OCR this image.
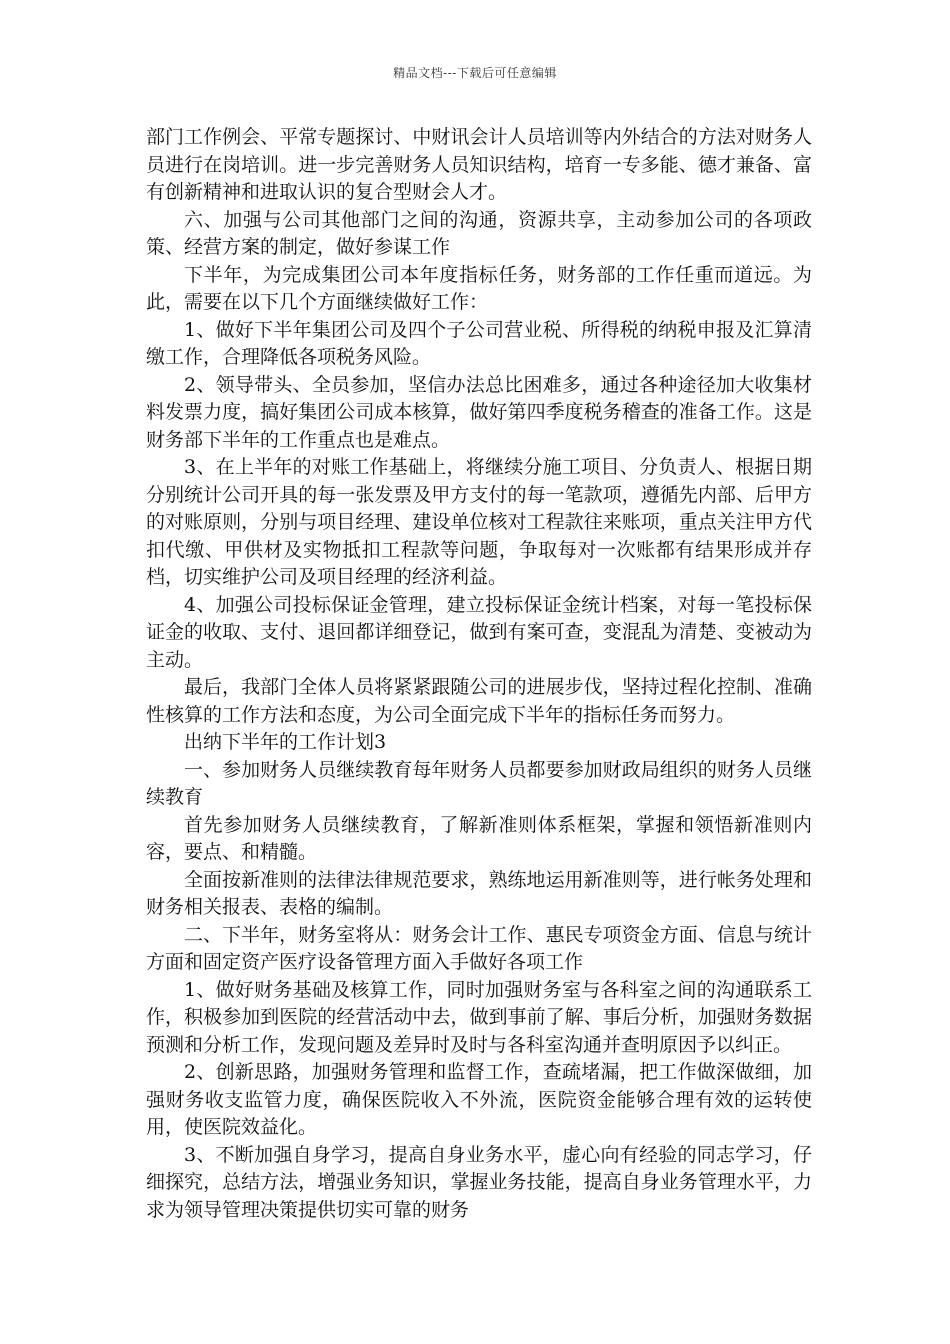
精品文档---下载后可任意编辑

部门工作例会、平常专题探讨、中财讯会计人员培训等内外结合的方法对财务人员进行在岗培训。进一步完善财务人员知识结构，培育一专多能、德才兼备、富有创新精神和进取认识的复合型财会人才。

六、加强与公司其他部门之间的沟通，资源共享，主动参加公司的各项政策、经营方案的制定，做好参谋工作

下半年，为完成集团公司本年度指标任务，财务部的工作任重而道远。为此，需要在以下几个方面继续做好工作：

1、做好下半年集团公司及四个子公司营业税、所得税的纳税申报及汇算清缴工作，合理降低各项税务风险。

2、领导带头、全员参加，坚信办法总比困难多，通过各种途径加大收集材料发票力度，搞好集团公司成本核算，做好第四季度税务稽查的准备工作。这是财务部下半年的工作重点也是难点。

3、在上半年的对账工作基础上，将继续分施工项目、分负责人、根据日期分别统计公司开具的每一张发票及甲方支付的每一笔款项，遵循先内部、后甲方的对账原则，分别与项目经理、建设单位核对工程款往来账项，重点关注甲方代扣代缴、甲供材及实物抵扣工程款等问题，争取每对一次账都有结果形成并存档，切实维护公司及项目经理的经济利益。

4、加强公司投标保证金管理，建立投标保证金统计档案，对每一笔投标保证金的收取、支付、退回都详细登记，做到有案可查，变混乱为清楚、变被动为主动。

最后，我部门全体人员将紧紧跟随公司的进展步伐，坚持过程化控制、准确性核算的工作方法和态度，为公司全面完成下半年的指标任务而努力。

出纳下半年的工作计划3

一、参加财务人员继续教育每年财务人员都要参加财政局组织的财务人员继续教育

首先参加财务人员继续教育，了解新准则体系框架，掌握和领悟新准则内容，要点、和精髓。

全面按新准则的法律法律规范要求，熟练地运用新准则等，进行帐务处理和财务相关报表、表格的编制。

二、下半年，财务室将从：财务会计工作、惠民专项资金方面、信息与统计方面和固定资产医疗设备管理方面入手做好各项工作

1、做好财务基础及核算工作，同时加强财务室与各科室之间的沟通联系工作，积极参加到医院的经营活动中去，做到事前了解、事后分析，加强财务数据预测和分析工作，发现问题及差异时及时与各科室沟通并查明原因予以纠正。

2、创新思路，加强财务管理和监督工作，查疏堵漏，把工作做深做细，加强财务收支监管力度，确保医院收入不外流，医院资金能够合理有效的运转使用，使医院效益化。

3、不断加强自身学习，提高自身业务水平，虚心向有经验的同志学习，仔细探究，总结方法，增强业务知识，掌握业务技能，提高自身业务管理水平，力求为领导管理决策提供切实可靠的财务
